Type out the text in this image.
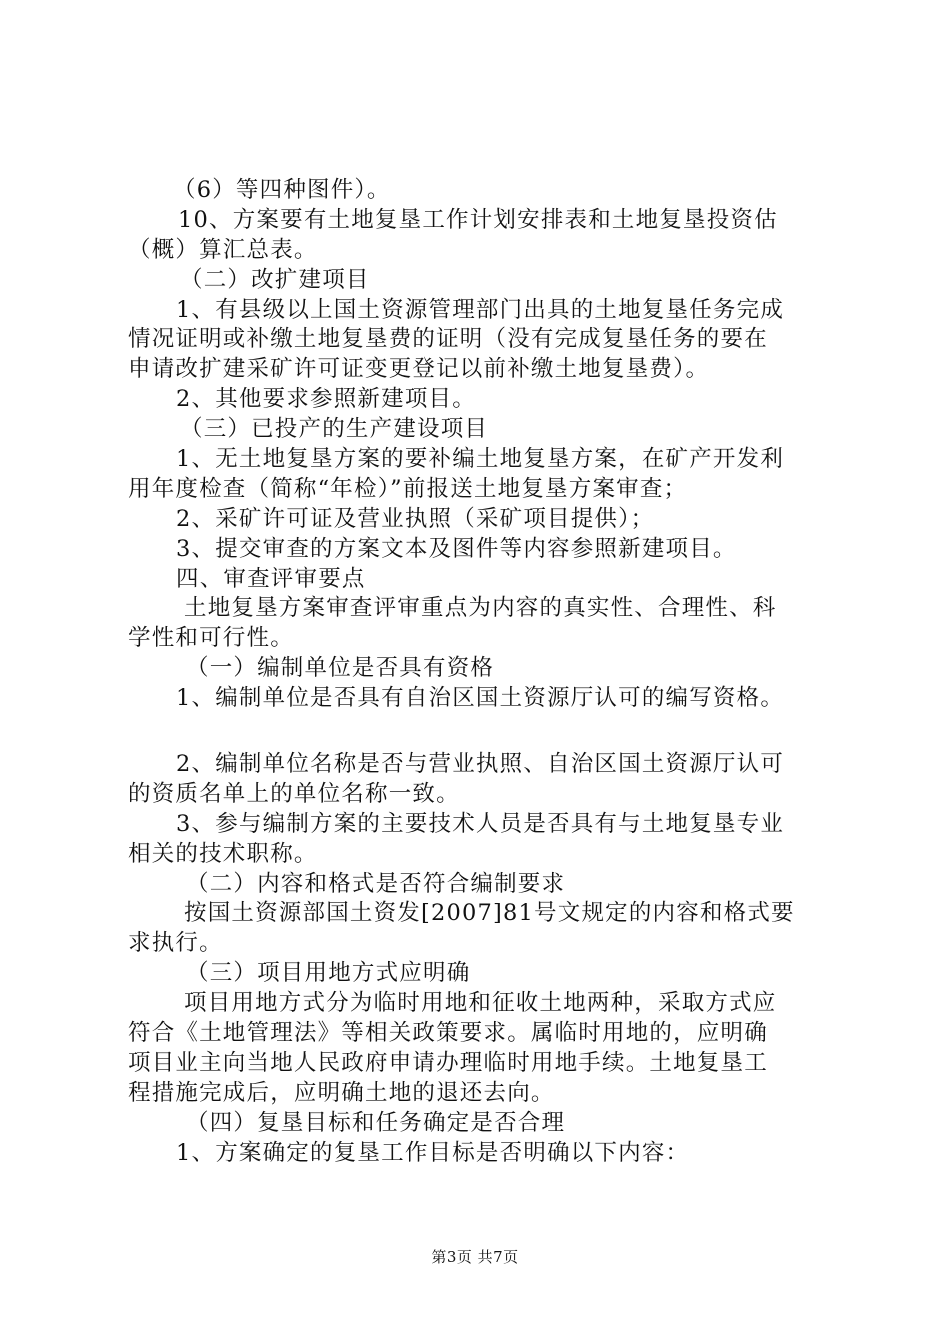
（6）等四种图件）。
10、方案要有土地复垦工作计划安排表和土地复垦投资估
（概）算汇总表。
（二）改扩建项目
1、有县级以上国土资源管理部门出具的土地复垦任务完成
情况证明或补缴土地复垦费的证明（没有完成复垦任务的要在
申请改扩建采矿许可证变更登记以前补缴土地复垦费）。
2、其他要求参照新建项目。
（三）已投产的生产建设项目
1、无土地复垦方案的要补编土地复垦方案，在矿产开发利
用年度检查（简称“年检）”前报送土地复垦方案审查；
2、采矿许可证及营业执照（采矿项目提供）；
3、提交审查的方案文本及图件等内容参照新建项目。
四、审查评审要点
土地复垦方案审查评审重点为内容的真实性、合理性、科
学性和可行性。
（一）编制单位是否具有资格
1、编制单位是否具有自治区国土资源厅认可的编写资格。
2、编制单位名称是否与营业执照、自治区国土资源厅认可
的资质名单上的单位名称一致。
3、参与编制方案的主要技术人员是否具有与土地复垦专业
相关的技术职称。
（二）内容和格式是否符合编制要求
按国土资源部国土资发[2007]81号文规定的内容和格式要
求执行。
（三）项目用地方式应明确
项目用地方式分为临时用地和征收土地两种，采取方式应
符合《土地管理法》等相关政策要求。属临时用地的，应明确
项目业主向当地人民政府申请办理临时用地手续。土地复垦工
程措施完成后，应明确土地的退还去向。
（四）复垦目标和任务确定是否合理
1、方案确定的复垦工作目标是否明确以下内容：
第3页 共7页
